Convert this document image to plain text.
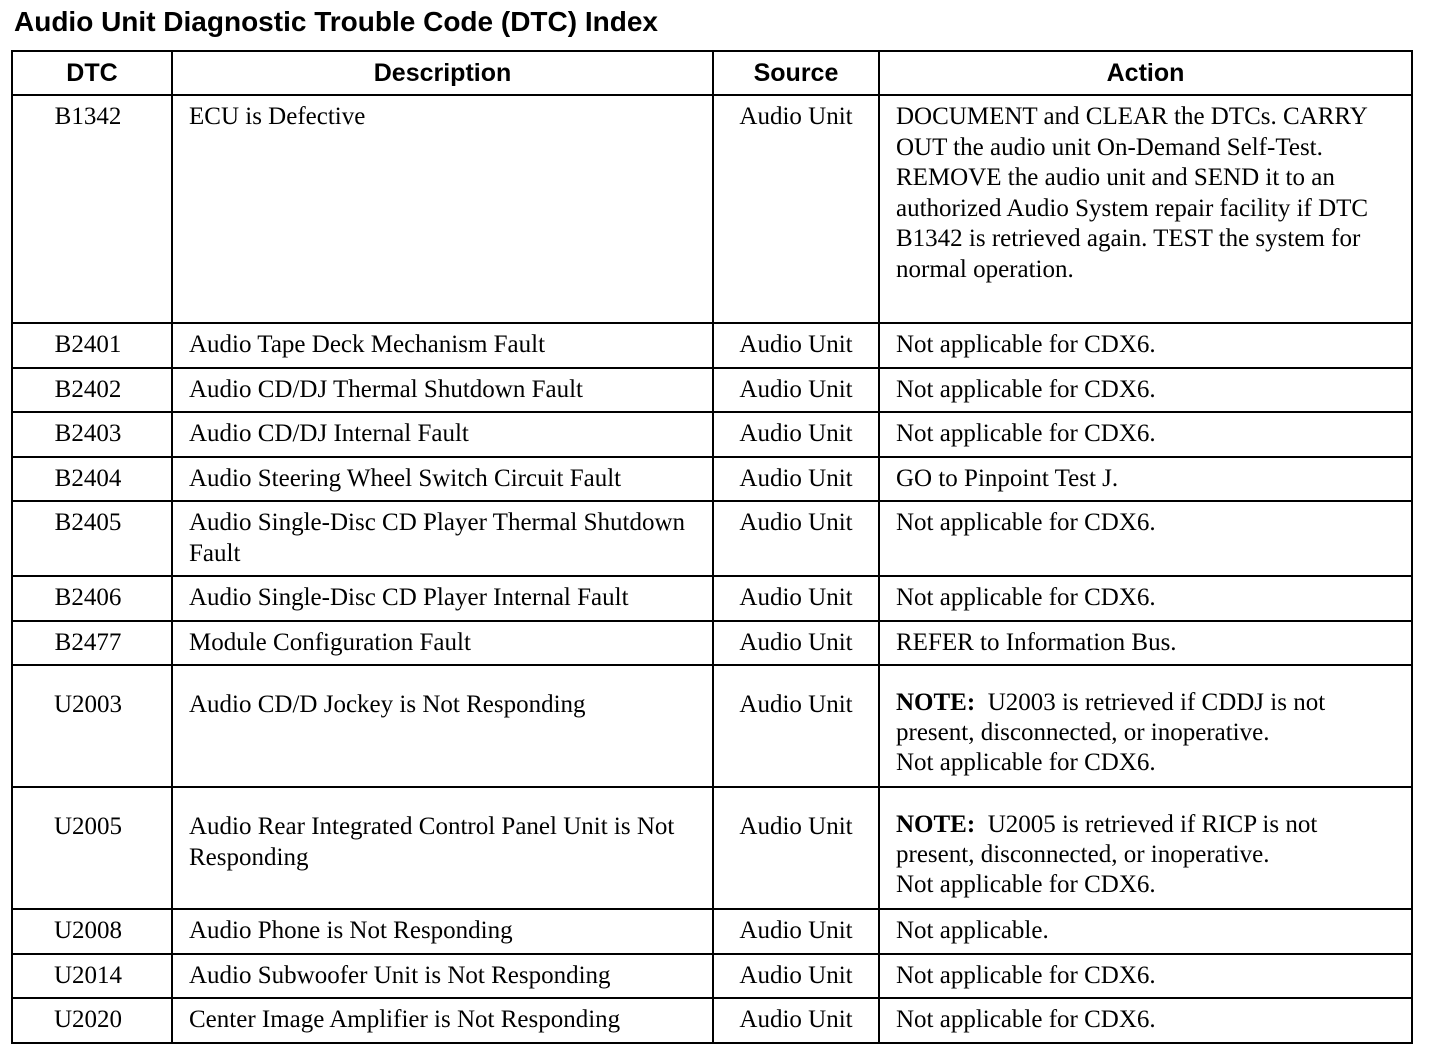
Audio Unit Diagnostic Trouble Code (DTC) Index
DTC	Description	Source	Action

B1342	ECU is Defective	Audio Unit	DOCUMENT and CLEAR the DTCs. CARRY OUT the audio unit On-Demand Self-Test. REMOVE the audio unit and SEND it to an authorized Audio System repair facility if DTC B1342 is retrieved again. TEST the system for normal operation.

B2401	Audio Tape Deck Mechanism Fault	Audio Unit	Not applicable for CDX6.

B2402	Audio CD/DJ Thermal Shutdown Fault	Audio Unit	Not applicable for CDX6.

B2403	Audio CD/DJ Internal Fault	Audio Unit	Not applicable for CDX6.

B2404	Audio Steering Wheel Switch Circuit Fault	Audio Unit	GO to Pinpoint Test J.

B2405	Audio Single-Disc CD Player Thermal Shutdown Fault	Audio Unit	Not applicable for CDX6.

B2406	Audio Single-Disc CD Player Internal Fault	Audio Unit	Not applicable for CDX6.

B2477	Module Configuration Fault	Audio Unit	REFER to Information Bus.

U2003	Audio CD/D Jockey is Not Responding	Audio Unit	NOTE: U2003 is retrieved if CDDJ is not present, disconnected, or inoperative.
Not applicable for CDX6.

U2005	Audio Rear Integrated Control Panel Unit is Not Responding	Audio Unit	NOTE: U2005 is retrieved if RICP is not present, disconnected, or inoperative.
Not applicable for CDX6.

U2008	Audio Phone is Not Responding	Audio Unit	Not applicable.

U2014	Audio Subwoofer Unit is Not Responding	Audio Unit	Not applicable for CDX6.

U2020	Center Image Amplifier is Not Responding	Audio Unit	Not applicable for CDX6.
